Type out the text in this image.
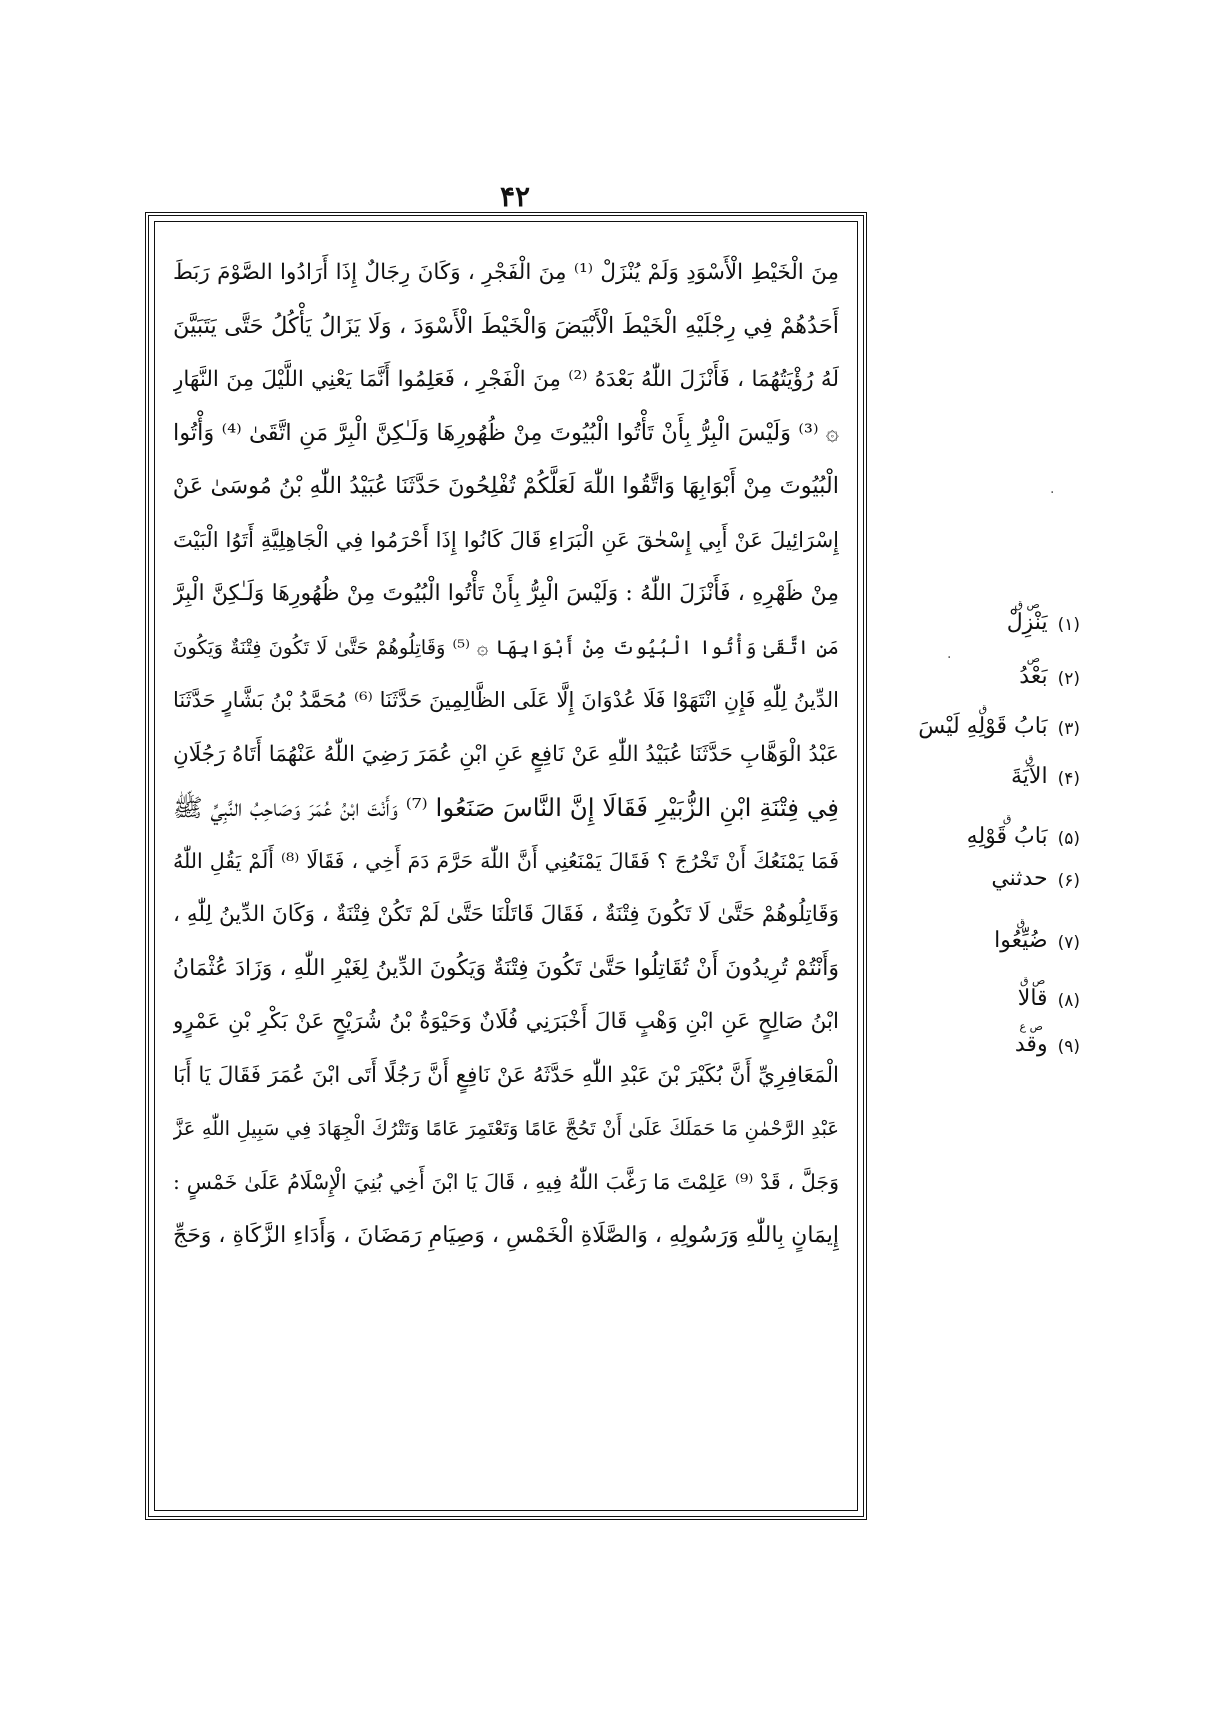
۴۲
مِنَ الْخَيْطِ الْأَسْوَدِ وَلَمْ يُنْزَلْ ⁽¹⁾ مِنَ الْفَجْرِ ، وَكَانَ رِجَالٌ إِذَا أَرَادُوا الصَّوْمَ رَبَطَ
أَحَدُهُمْ فِي رِجْلَيْهِ الْخَيْطَ الْأَبْيَضَ وَالْخَيْطَ الْأَسْوَدَ ، وَلَا يَزَالُ يَأْكُلُ حَتَّى يَتَبَيَّنَ
لَهُ رُؤْيَتُهُمَا ، فَأَنْزَلَ اللّٰهُ بَعْدَهُ ⁽²⁾ مِنَ الْفَجْرِ ، فَعَلِمُوا أَنَّمَا يَعْنِي اللَّيْلَ مِنَ النَّهَارِ
۞ ⁽³⁾ وَلَيْسَ الْبِرُّ بِأَنْ تَأْتُوا الْبُيُوتَ مِنْ ظُهُورِهَا وَلَـٰكِنَّ الْبِرَّ مَنِ اتَّقَىٰ ⁽⁴⁾ وَأْتُوا
الْبُيُوتَ مِنْ أَبْوَابِهَا وَاتَّقُوا اللّٰهَ لَعَلَّكُمْ تُفْلِحُونَ حَدَّثَنَا عُبَيْدُ اللّٰهِ بْنُ مُوسَىٰ عَنْ
إِسْرَائِيلَ عَنْ أَبِي إِسْحٰقَ عَنِ الْبَرَاءِ قَالَ كَانُوا إِذَا أَحْرَمُوا فِي الْجَاهِلِيَّةِ أَتَوُا الْبَيْتَ
مِنْ ظَهْرِهِ ، فَأَنْزَلَ اللّٰهُ : وَلَيْسَ الْبِرُّ بِأَنْ تَأْتُوا الْبُيُوتَ مِنْ ظُهُورِهَا وَلَـٰكِنَّ الْبِرَّ
مَنِ اتَّقَىٰ وَأْتُوا الْبُيُوتَ مِنْ أَبْوَابِهَا ۞ ⁽⁵⁾ وَقَاتِلُوهُمْ حَتَّىٰ لَا تَكُونَ فِتْنَةٌ وَيَكُونَ
الدِّينُ لِلّٰهِ فَإِنِ انْتَهَوْا فَلَا عُدْوَانَ إِلَّا عَلَى الظَّالِمِينَ حَدَّثَنَا ⁽⁶⁾ مُحَمَّدُ بْنُ بَشَّارٍ حَدَّثَنَا
عَبْدُ الْوَهَّابِ حَدَّثَنَا عُبَيْدُ اللّٰهِ عَنْ نَافِعٍ عَنِ ابْنِ عُمَرَ رَضِيَ اللّٰهُ عَنْهُمَا أَتَاهُ رَجُلَانِ
فِي فِتْنَةِ ابْنِ الزُّبَيْرِ فَقَالَا إِنَّ النَّاسَ صَنَعُوا ⁽⁷⁾ وَأَنْتَ ابْنُ عُمَرَ وَصَاحِبُ النَّبِيِّ ﷺ
فَمَا يَمْنَعُكَ أَنْ تَخْرُجَ ؟ فَقَالَ يَمْنَعُنِي أَنَّ اللّٰهَ حَرَّمَ دَمَ أَخِي ، فَقَالَا ⁽⁸⁾ أَلَمْ يَقُلِ اللّٰهُ
وَقَاتِلُوهُمْ حَتَّىٰ لَا تَكُونَ فِتْنَةٌ ، فَقَالَ قَاتَلْنَا حَتَّىٰ لَمْ تَكُنْ فِتْنَةٌ ، وَكَانَ الدِّينُ لِلّٰهِ ،
وَأَنْتُمْ تُرِيدُونَ أَنْ تُقَاتِلُوا حَتَّىٰ تَكُونَ فِتْنَةٌ وَيَكُونَ الدِّينُ لِغَيْرِ اللّٰهِ ، وَزَادَ عُثْمَانُ
ابْنُ صَالِحٍ عَنِ ابْنِ وَهْبٍ قَالَ أَخْبَرَنِي فُلَانٌ وَحَيْوَةُ بْنُ شُرَيْحٍ عَنْ بَكْرِ بْنِ عَمْرٍو
الْمَعَافِرِيِّ أَنَّ بُكَيْرَ بْنَ عَبْدِ اللّٰهِ حَدَّثَهُ عَنْ نَافِعٍ أَنَّ رَجُلًا أَتَى ابْنَ عُمَرَ فَقَالَ يَا أَبَا
عَبْدِ الرَّحْمٰنِ مَا حَمَلَكَ عَلَىٰ أَنْ تَحُجَّ عَامًا وَتَعْتَمِرَ عَامًا وَتَتْرُكَ الْجِهَادَ فِي سَبِيلِ اللّٰهِ عَزَّ
وَجَلَّ ، قَدْ ⁽⁹⁾ عَلِمْتَ مَا رَغَّبَ اللّٰهُ فِيهِ ، قَالَ يَا ابْنَ أَخِي بُنِيَ الْإِسْلَامُ عَلَىٰ خَمْسٍ :
إِيمَانٍ بِاللّٰهِ وَرَسُولِهِ ، وَالصَّلَاةِ الْخَمْسِ ، وَصِيَامِ رَمَضَانَ ، وَأَدَاءِ الزَّكَاةِ ، وَحَجِّ
(۱)
ص ق
يَنْزِلْ
(۲)
ص
بَعْدُ
(۳)
ق
بَابُ قَوْلِهِ لَيْسَ
(۴)
ق
الآيَةَ
(۵)
ق
بَابُ قَوْلِهِ
(۶)
حدثني
(۷)
ق
ضُيِّعُوا
(۸)
ص ق
قالا
(۹)
ص ع
وقد
·
·
